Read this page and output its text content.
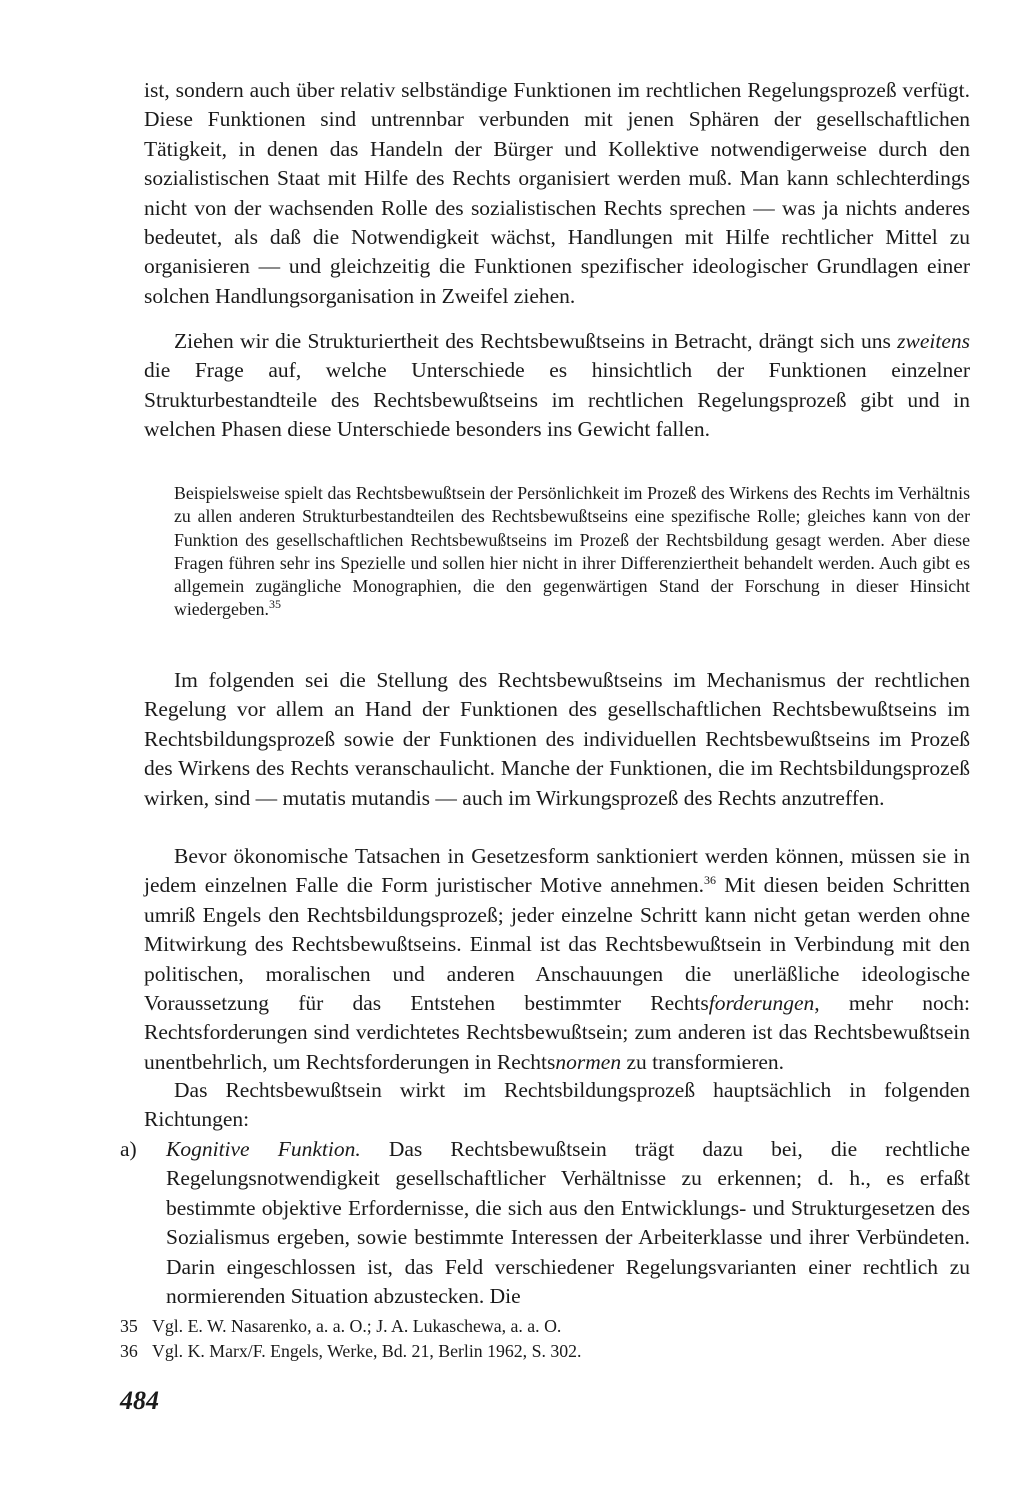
ist, sondern auch über relativ selbständige Funktionen im rechtlichen Regelungsprozeß verfügt. Diese Funktionen sind untrennbar verbunden mit jenen Sphären der gesellschaftlichen Tätigkeit, in denen das Handeln der Bürger und Kollektive notwendigerweise durch den sozialistischen Staat mit Hilfe des Rechts organisiert werden muß. Man kann schlechterdings nicht von der wachsenden Rolle des sozialistischen Rechts sprechen — was ja nichts anderes bedeutet, als daß die Notwendigkeit wächst, Handlungen mit Hilfe rechtlicher Mittel zu organisieren — und gleichzeitig die Funktionen spezifischer ideologischer Grundlagen einer solchen Handlungsorganisation in Zweifel ziehen.

Ziehen wir die Strukturiertheit des Rechtsbewußtseins in Betracht, drängt sich uns zweitens die Frage auf, welche Unterschiede es hinsichtlich der Funktionen einzelner Strukturbestandteile des Rechtsbewußtseins im rechtlichen Regelungsprozeß gibt und in welchen Phasen diese Unterschiede besonders ins Gewicht fallen.

Beispielsweise spielt das Rechtsbewußtsein der Persönlichkeit im Prozeß des Wirkens des Rechts im Verhältnis zu allen anderen Strukturbestandteilen des Rechtsbewußtseins eine spezifische Rolle; gleiches kann von der Funktion des gesellschaftlichen Rechtsbewußtseins im Prozeß der Rechtsbildung gesagt werden. Aber diese Fragen führen sehr ins Spezielle und sollen hier nicht in ihrer Differenziertheit behandelt werden. Auch gibt es allgemein zugängliche Monographien, die den gegenwärtigen Stand der Forschung in dieser Hinsicht wiedergeben.$^{35}$

Im folgenden sei die Stellung des Rechtsbewußtseins im Mechanismus der rechtlichen Regelung vor allem an Hand der Funktionen des gesellschaftlichen Rechtsbewußtseins im Rechtsbildungsprozeß sowie der Funktionen des individuellen Rechtsbewußtseins im Prozeß des Wirkens des Rechts veranschaulicht. Manche der Funktionen, die im Rechtsbildungsprozeß wirken, sind — mutatis mutandis — auch im Wirkungsprozeß des Rechts anzutreffen.

Bevor ökonomische Tatsachen in Gesetzesform sanktioniert werden können, müssen sie in jedem einzelnen Falle die Form juristischer Motive annehmen.$^{36}$ Mit diesen beiden Schritten umriß Engels den Rechtsbildungsprozeß; jeder einzelne Schritt kann nicht getan werden ohne Mitwirkung des Rechtsbewußtseins. Einmal ist das Rechtsbewußtsein in Verbindung mit den politischen, moralischen und anderen Anschauungen die unerläßliche ideologische Voraussetzung für das Entstehen bestimmter Rechtsforderungen, mehr noch: Rechtsforderungen sind verdichtetes Rechtsbewußtsein; zum anderen ist das Rechtsbewußtsein unentbehrlich, um Rechtsforderungen in Rechtsnormen zu transformieren.

Das Rechtsbewußtsein wirkt im Rechtsbildungsprozeß hauptsächlich in folgenden Richtungen:

a) Kognitive Funktion. Das Rechtsbewußtsein trägt dazu bei, die rechtliche Regelungsnotwendigkeit gesellschaftlicher Verhältnisse zu erkennen; d. h., es erfaßt bestimmte objektive Erfordernisse, die sich aus den Entwicklungs- und Strukturgesetzen des Sozialismus ergeben, sowie bestimmte Interessen der Arbeiterklasse und ihrer Verbündeten. Darin eingeschlossen ist, das Feld verschiedener Regelungsvarianten einer rechtlich zu normierenden Situation abzustecken. Die
35 Vgl. E. W. Nasarenko, a. a. O.; J. A. Lukaschewa, a. a. O.
36 Vgl. K. Marx/F. Engels, Werke, Bd. 21, Berlin 1962, S. 302.

484
